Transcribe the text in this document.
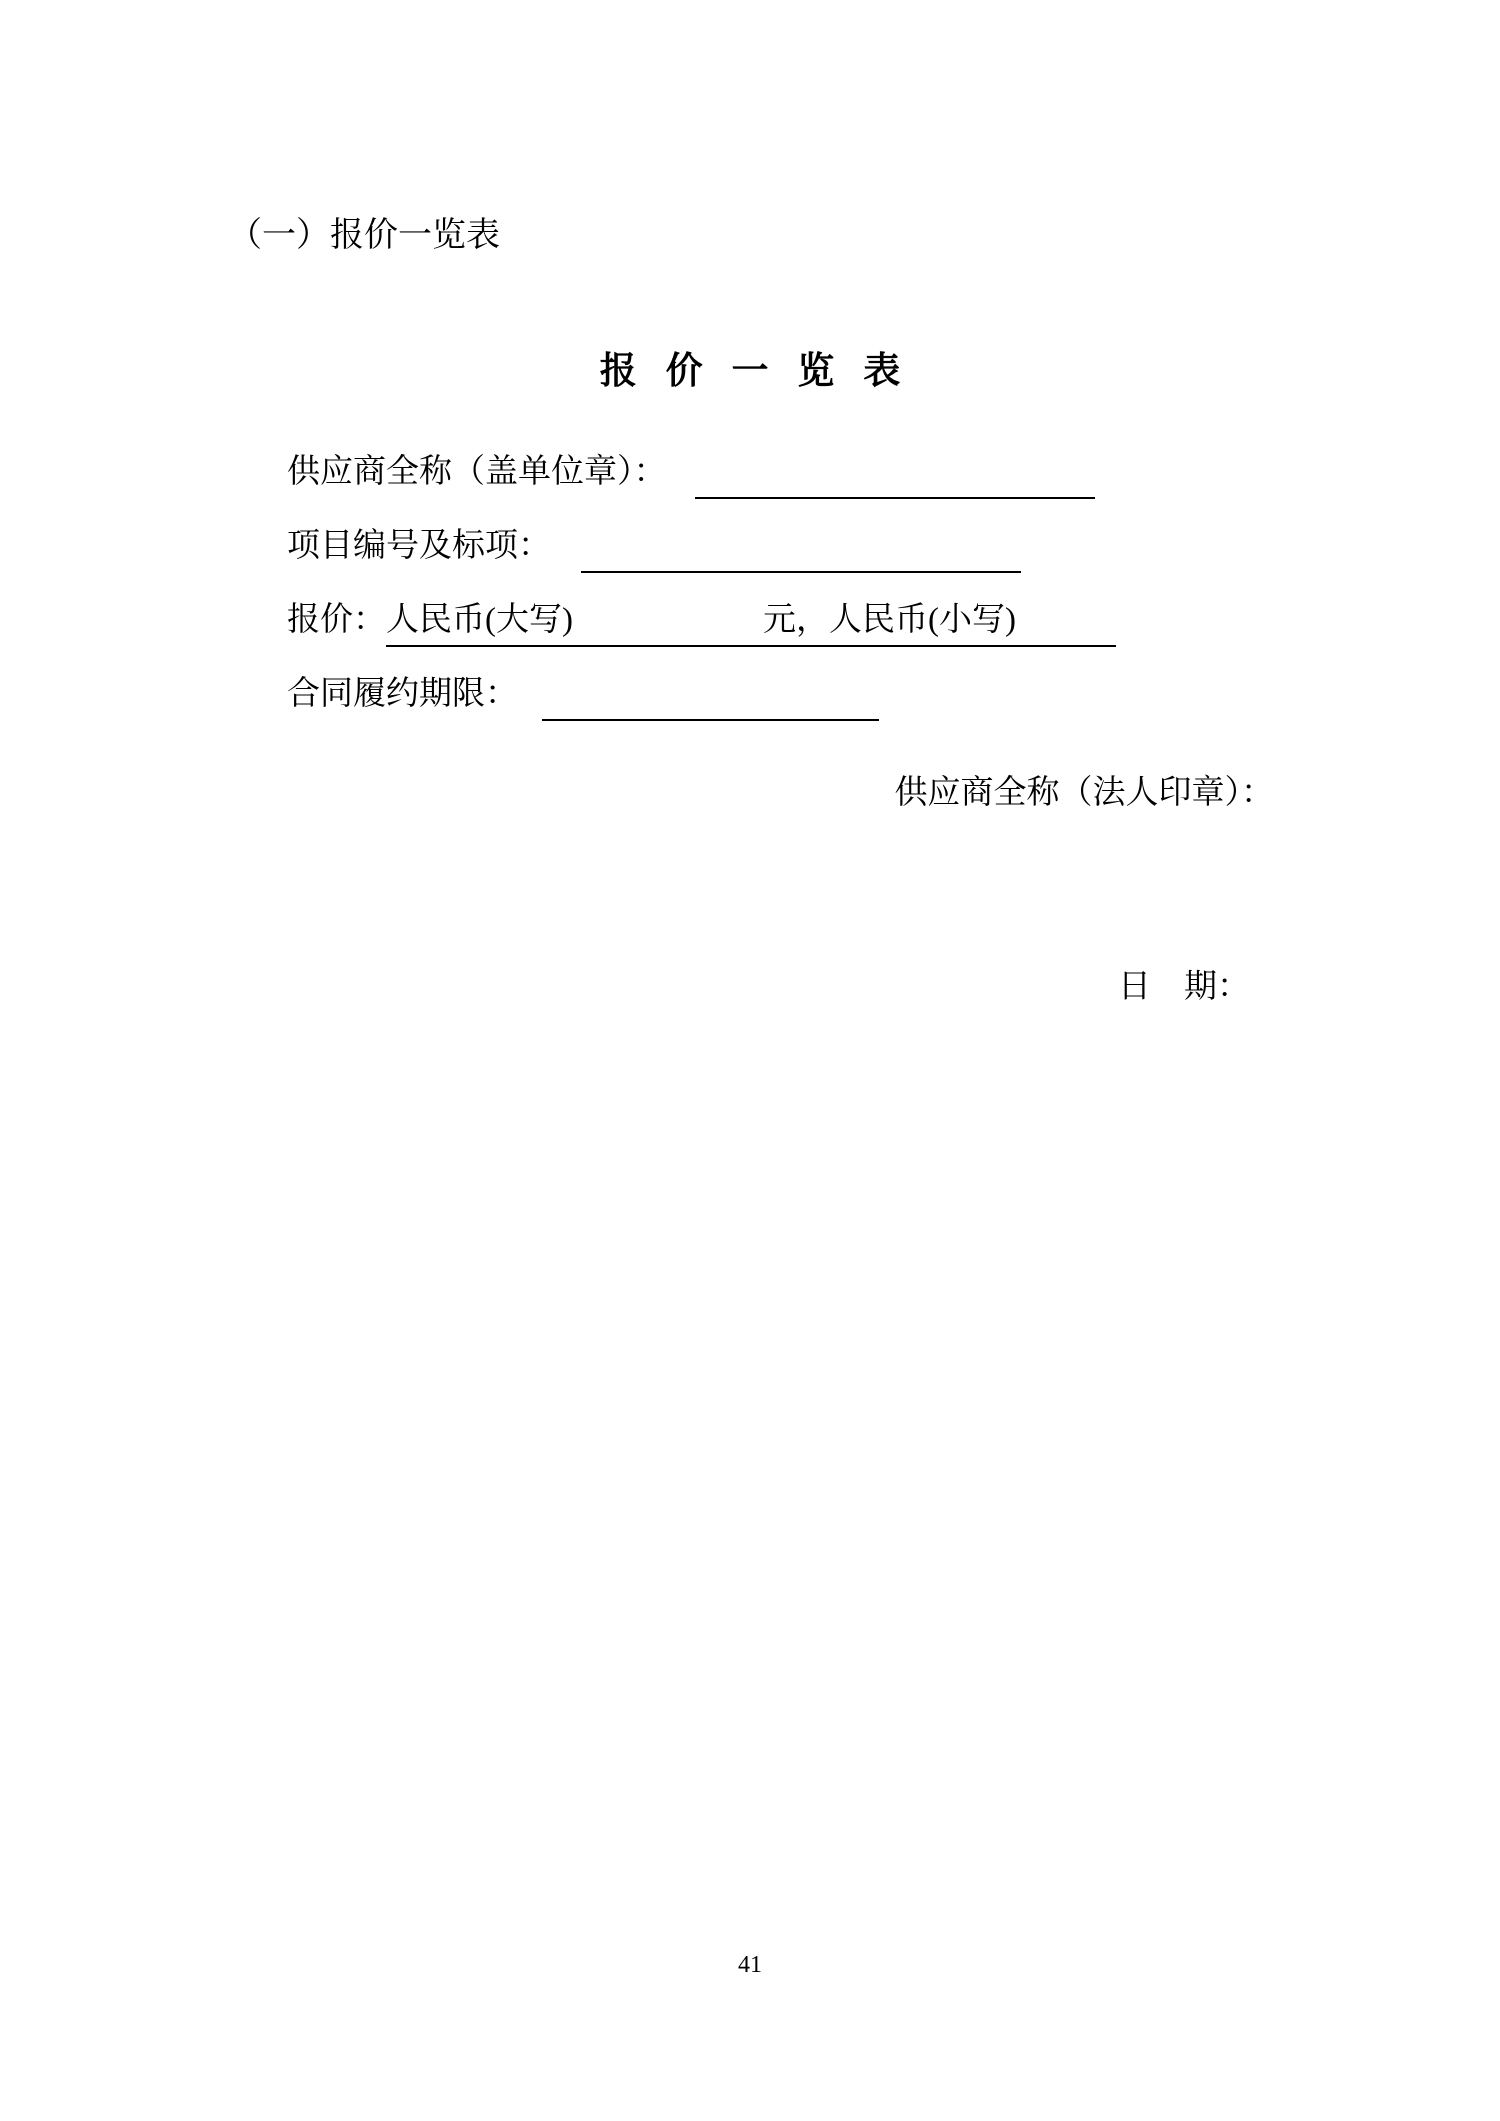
（一）报价一览表
报价一览表
供应商全称（盖单位章）：
项目编号及标项：
报价：人民币(大写)	元，人民币(小写)
合同履约期限：
供应商全称（法人印章）：
日　期：
41
